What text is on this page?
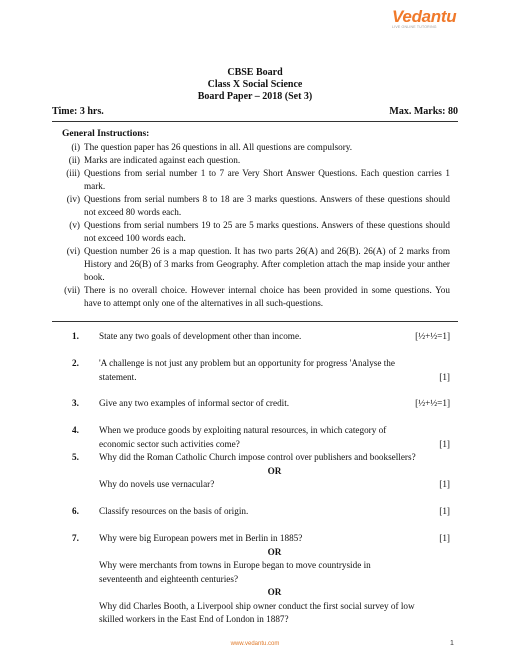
Vedantu
LIVE ONLINE TUTORING
CBSE Board
Class X Social Science
Board Paper – 2018 (Set 3)
Time: 3 hrs.	Max. Marks: 80
General Instructions:
(i) The question paper has 26 questions in all. All questions are compulsory.
(ii) Marks are indicated against each question.
(iii) Questions from serial number 1 to 7 are Very Short Answer Questions. Each question carries 1 mark.
(iv) Questions from serial numbers 8 to 18 are 3 marks questions. Answers of these questions should not exceed 80 words each.
(v) Questions from serial numbers 19 to 25 are 5 marks questions. Answers of these questions should not exceed 100 words each.
(vi) Question number 26 is a map question. It has two parts 26(A) and 26(B). 26(A) of 2 marks from History and 26(B) of 3 marks from Geography. After completion attach the map inside your anther book.
(vii) There is no overall choice. However internal choice has been provided in some questions. You have to attempt only one of the alternatives in all such-questions.
1.	State any two goals of development other than income.	[½+½=1]
2.	'A challenge is not just any problem but an opportunity for progress 'Analyse the
statement.	[1]
3.	Give any two examples of informal sector of credit.	[½+½=1]
4.	When we produce goods by exploiting natural resources, in which category of
economic sector such activities come?	[1]
5.	Why did the Roman Catholic Church impose control over publishers and booksellers?
OR
Why do novels use vernacular?	[1]
6.	Classify resources on the basis of origin.	[1]
7.	Why were big European powers met in Berlin in 1885?	[1]
OR
Why were merchants from towns in Europe began to move countryside in
seventeenth and eighteenth centuries?
OR
Why did Charles Booth, a Liverpool ship owner conduct the first social survey of low
skilled workers in the East End of London in 1887?
www.vedantu.com	1
